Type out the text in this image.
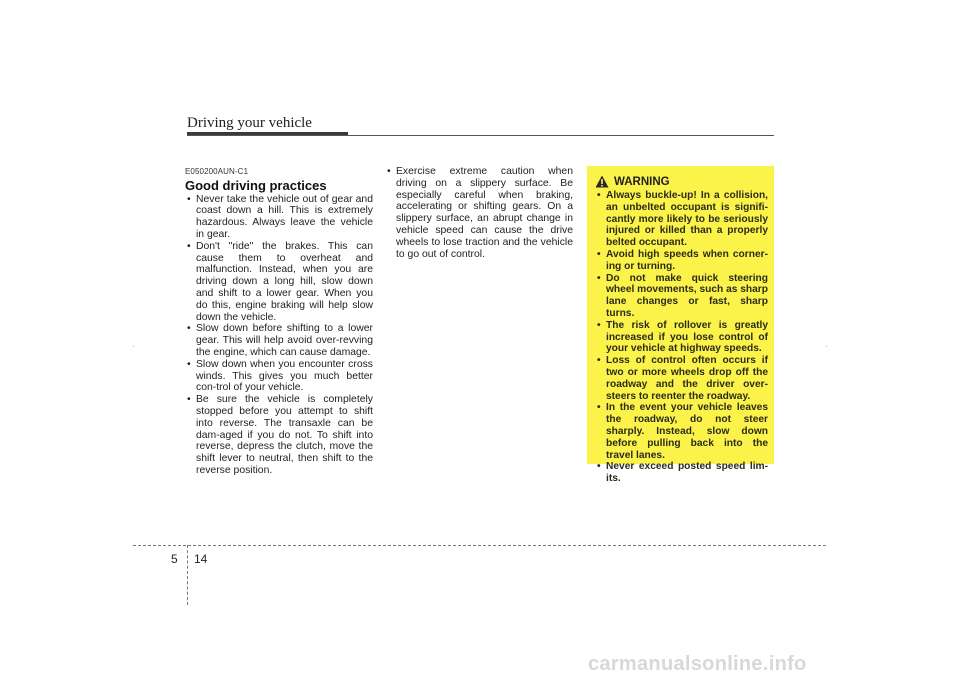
Driving your vehicle
E050200AUN-C1
Good driving practices
• Never take the vehicle out of gear and coast down a hill. This is extremely hazardous. Always leave the vehicle in gear.
• Don't "ride" the brakes. This can cause them to overheat and malfunction. Instead, when you are driving down a long hill, slow down and shift to a lower gear. When you do this, engine braking will help slow down the vehicle.
• Slow down before shifting to a lower gear. This will help avoid over-revving the engine, which can cause damage.
• Slow down when you encounter cross winds. This gives you much better con-trol of your vehicle.
• Be sure the vehicle is completely stopped before you attempt to shift into reverse. The transaxle can be dam-aged if you do not. To shift into reverse, depress the clutch, move the shift lever to neutral, then shift to the reverse position.
• Exercise extreme caution when driving on a slippery surface. Be especially careful when braking, accelerating or shifting gears. On a slippery surface, an abrupt change in vehicle speed can cause the drive wheels to lose traction and the vehicle to go out of control.
WARNING
• Always buckle-up! In a collision, an unbelted occupant is signifi-cantly more likely to be seriously injured or killed than a properly belted occupant.
• Avoid high speeds when corner-ing or turning.
• Do not make quick steering wheel movements, such as sharp lane changes or fast, sharp turns.
• The risk of rollover is greatly increased if you lose control of your vehicle at highway speeds.
• Loss of control often occurs if two or more wheels drop off the roadway and the driver over-steers to reenter the roadway.
• In the event your vehicle leaves the roadway, do not steer sharply. Instead, slow down before pulling back into the travel lanes.
• Never exceed posted speed lim-its.
5 14
carmanualsonline.info
